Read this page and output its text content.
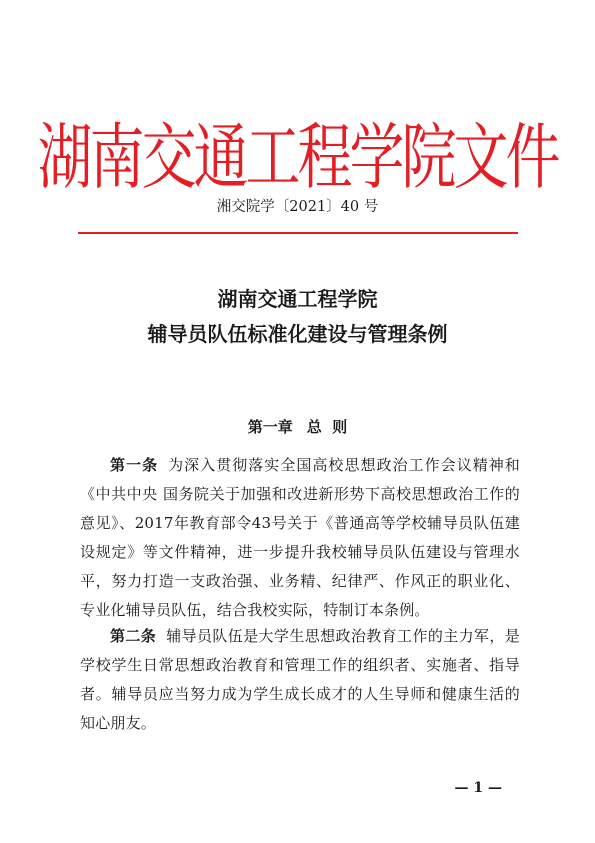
湖南交通工程学院文件
湘交院学〔2021〕40 号
湖南交通工程学院
辅导员队伍标准化建设与管理条例
第一章 总  则
第一条 为深入贯彻落实全国高校思想政治工作会议精神和《中共中央 国务院关于加强和改进新形势下高校思想政治工作的意见》、2017年教育部令43号关于《普通高等学校辅导员队伍建设规定》等文件精神，进一步提升我校辅导员队伍建设与管理水平，努力打造一支政治强、业务精、纪律严、作风正的职业化、专业化辅导员队伍，结合我校实际，特制订本条例。
第二条 辅导员队伍是大学生思想政治教育工作的主力军，是学校学生日常思想政治教育和管理工作的组织者、实施者、指导者。辅导员应当努力成为学生成长成才的人生导师和健康生活的知心朋友。
— 1 —
